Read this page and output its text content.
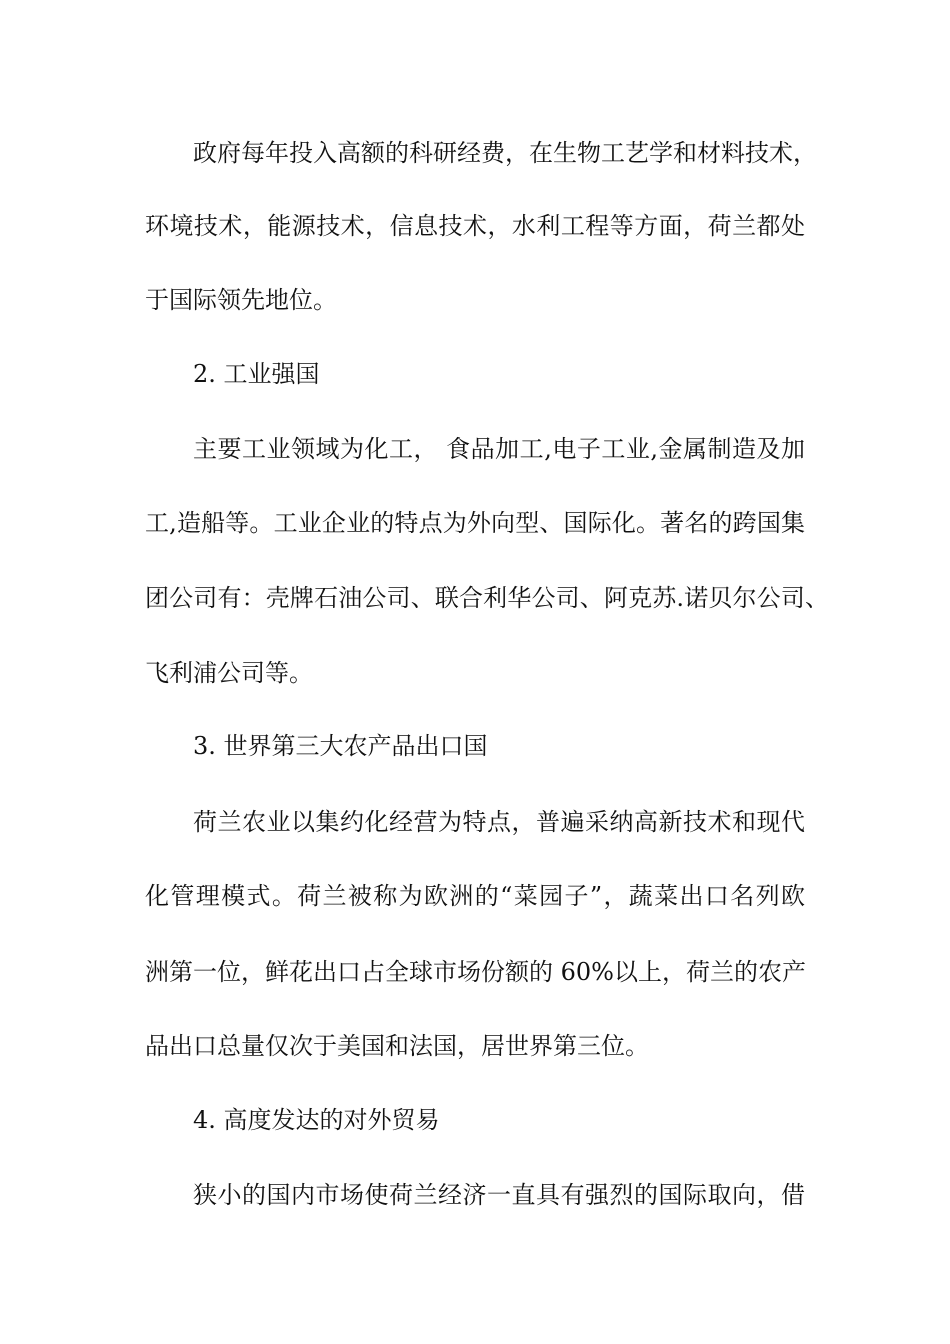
政府每年投入高额的科研经费，在生物工艺学和材料技术，

环境技术，能源技术，信息技术，水利工程等方面，荷兰都处

于国际领先地位。

2. 工业强国

主要工业领域为化工， 食品加工,电子工业,金属制造及加

工,造船等。工业企业的特点为外向型、国际化。著名的跨国集

团公司有：壳牌石油公司、联合利华公司、阿克苏.诺贝尔公司、

飞利浦公司等。

3. 世界第三大农产品出口国

荷兰农业以集约化经营为特点，普遍采纳高新技术和现代

化管理模式。荷兰被称为欧洲的“菜园子”，蔬菜出口名列欧

洲第一位，鲜花出口占全球市场份额的 60%以上，荷兰的农产

品出口总量仅次于美国和法国，居世界第三位。

4. 高度发达的对外贸易

狭小的国内市场使荷兰经济一直具有强烈的国际取向，借
